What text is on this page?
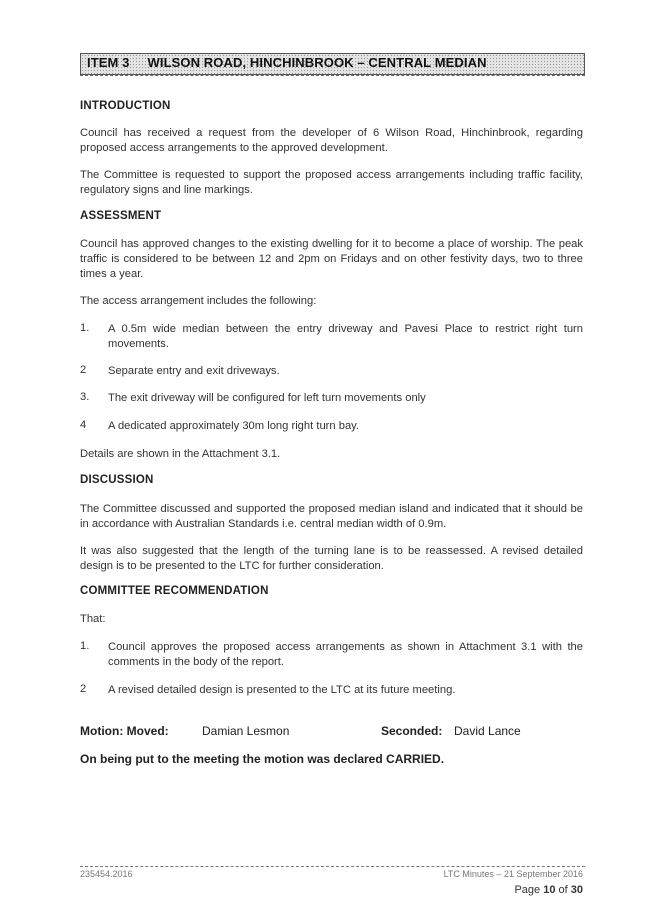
ITEM 3 WILSON ROAD, HINCHINBROOK – CENTRAL MEDIAN
INTRODUCTION
Council has received a request from the developer of 6 Wilson Road, Hinchinbrook, regarding proposed access arrangements to the approved development.
The Committee is requested to support the proposed access arrangements including traffic facility, regulatory signs and line markings.
ASSESSMENT
Council has approved changes to the existing dwelling for it to become a place of worship. The peak traffic is considered to be between 12 and 2pm on Fridays and on other festivity days, two to three times a year.
The access arrangement includes the following:
1. A 0.5m wide median between the entry driveway and Pavesi Place to restrict right turn movements.
2 Separate entry and exit driveways.
3. The exit driveway will be configured for left turn movements only
4 A dedicated approximately 30m long right turn bay.
Details are shown in the Attachment 3.1.
DISCUSSION
The Committee discussed and supported the proposed median island and indicated that it should be in accordance with Australian Standards i.e. central median width of 0.9m.
It was also suggested that the length of the turning lane is to be reassessed. A revised detailed design is to be presented to the LTC for further consideration.
COMMITTEE RECOMMENDATION
That:
1. Council approves the proposed access arrangements as shown in Attachment 3.1 with the comments in the body of the report.
2 A revised detailed design is presented to the LTC at its future meeting.
Motion: Moved:	Damian Lesmon	Seconded: David Lance
On being put to the meeting the motion was declared CARRIED.
235454.2016	LTC Minutes – 21 September 2016
Page 10 of 30
